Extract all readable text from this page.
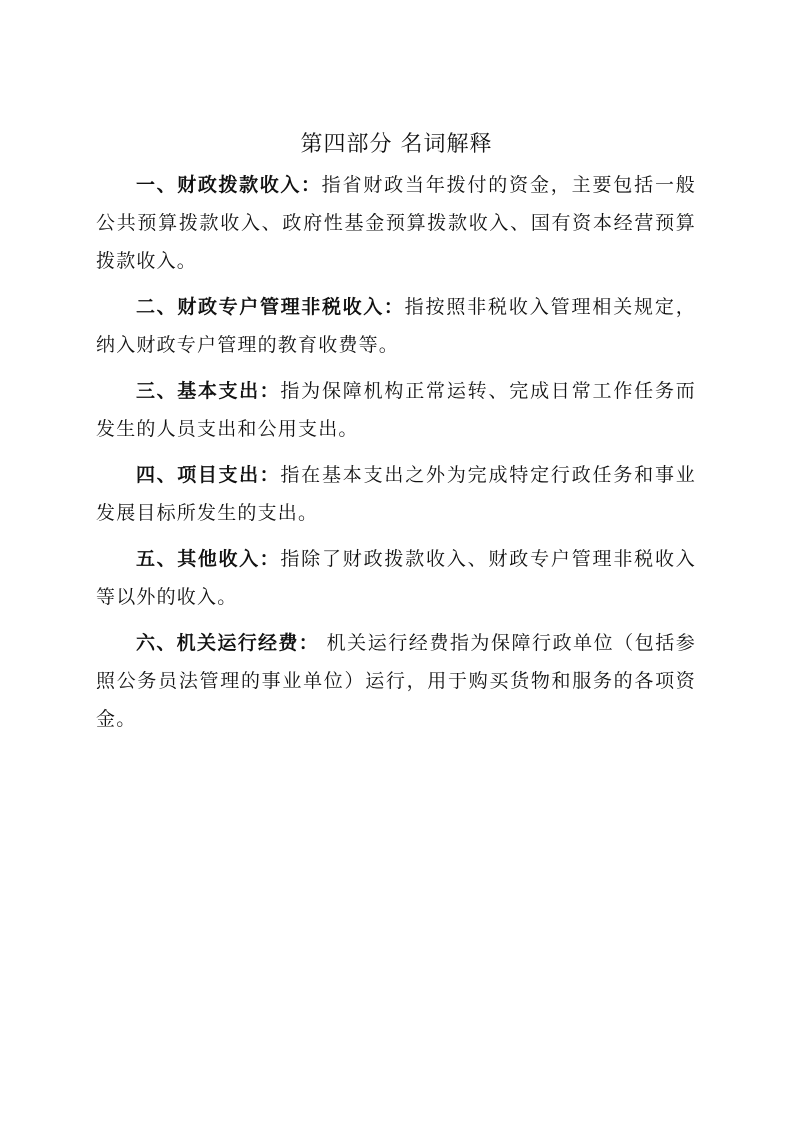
第四部分 名词解释

一、财政拨款收入：指省财政当年拨付的资金，主要包括一般公共预算拨款收入、政府性基金预算拨款收入、国有资本经营预算拨款收入。

二、财政专户管理非税收入：指按照非税收入管理相关规定，纳入财政专户管理的教育收费等。

三、基本支出：指为保障机构正常运转、完成日常工作任务而发生的人员支出和公用支出。

四、项目支出：指在基本支出之外为完成特定行政任务和事业发展目标所发生的支出。

五、其他收入：指除了财政拨款收入、财政专户管理非税收入等以外的收入。

六、机关运行经费： 机关运行经费指为保障行政单位（包括参照公务员法管理的事业单位）运行，用于购买货物和服务的各项资金。
